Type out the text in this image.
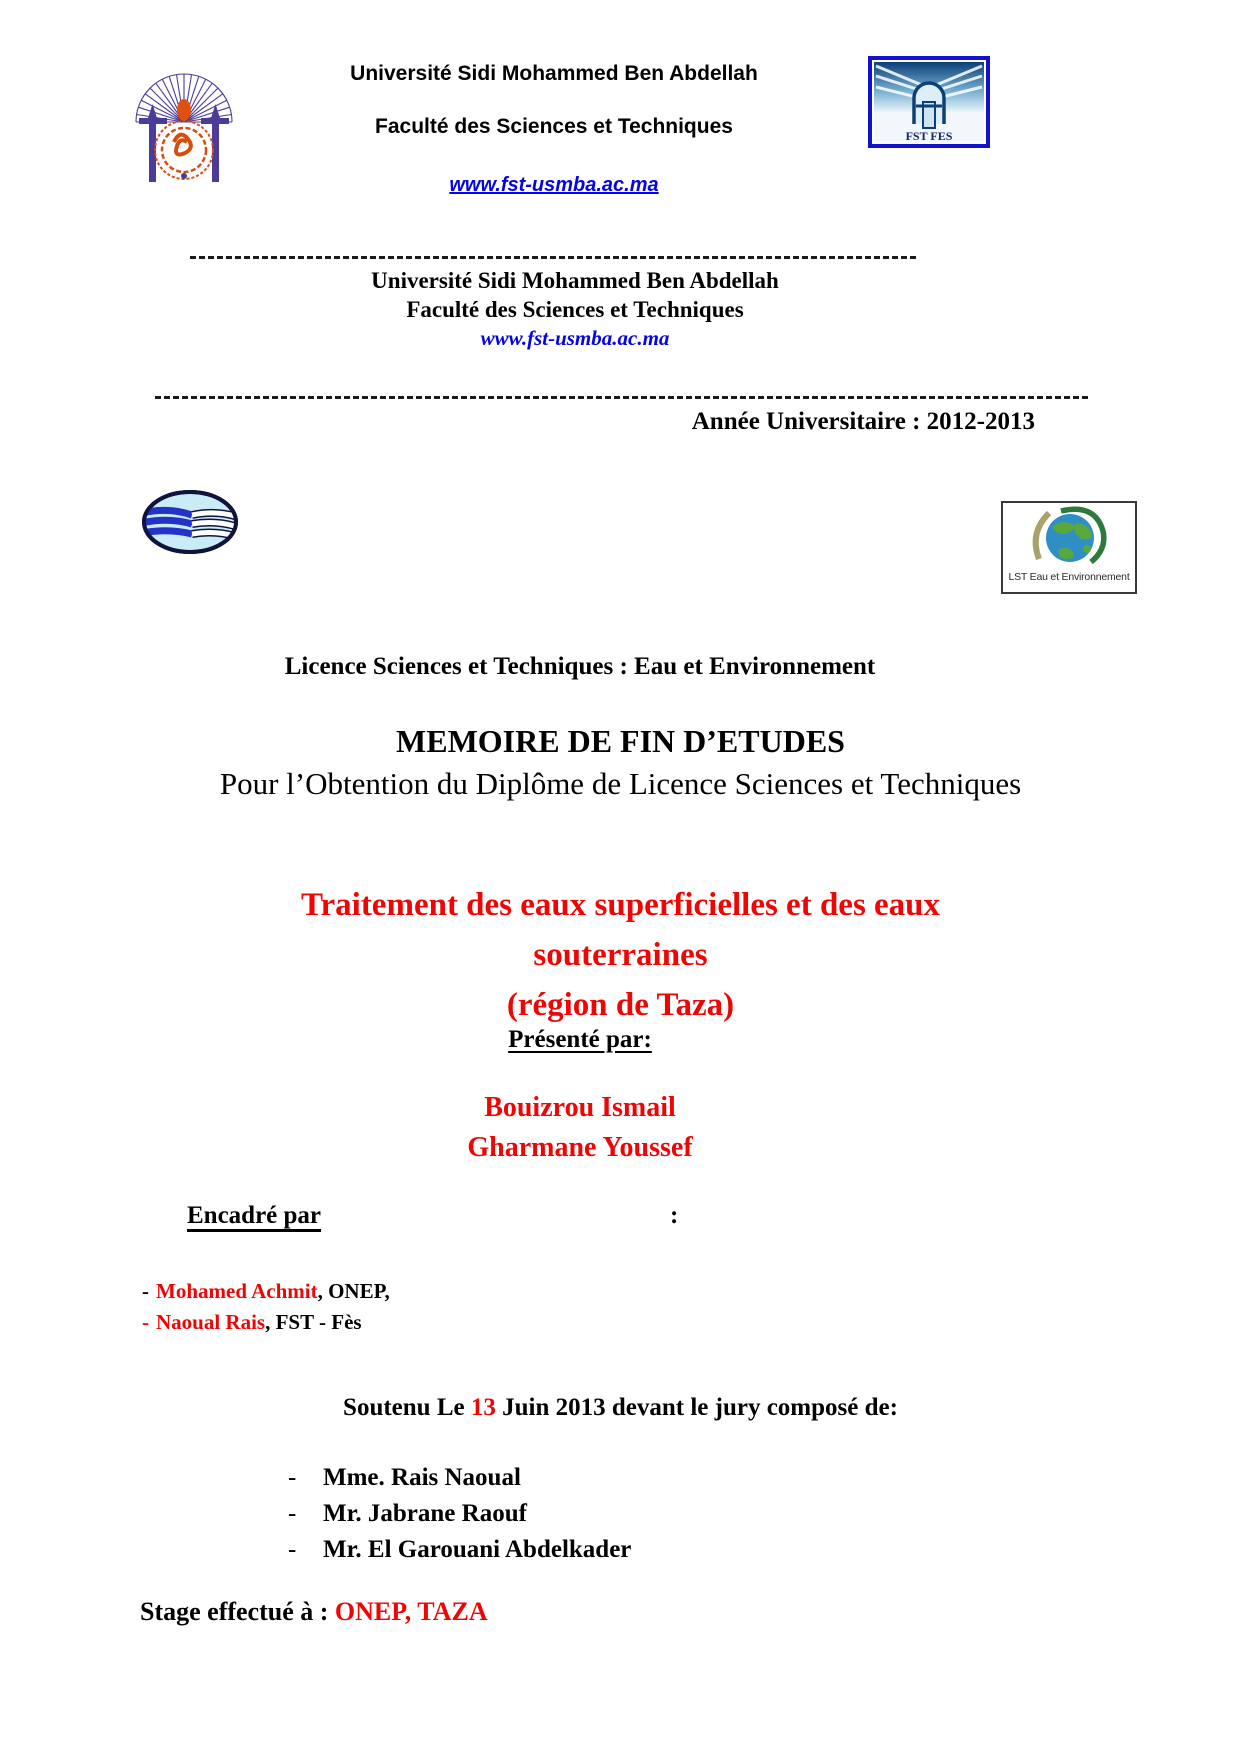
Université Sidi Mohammed Ben Abdellah
Faculté des Sciences et Techniques	FST FES
www.fst-usmba.ac.ma
Université Sidi Mohammed Ben Abdellah
Faculté des Sciences et Techniques
www.fst-usmba.ac.ma
Année Universitaire : 2012-2013
LST Eau et Environnement
Licence Sciences et Techniques : Eau et Environnement
MEMOIRE DE FIN D’ETUDES
Pour l’Obtention du Diplôme de Licence Sciences et Techniques
Traitement des eaux superficielles et des eaux
souterraines
(région de Taza)
Présenté par:
Bouizrou Ismail
Gharmane Youssef
Encadré par	:
- Mohamed Achmit, ONEP,
- Naoual Rais, FST - Fès
Soutenu Le 13 Juin 2013 devant le jury composé de:
- Mme. Rais Naoual
- Mr. Jabrane Raouf
- Mr. El Garouani Abdelkader
Stage effectué à : ONEP, TAZA
